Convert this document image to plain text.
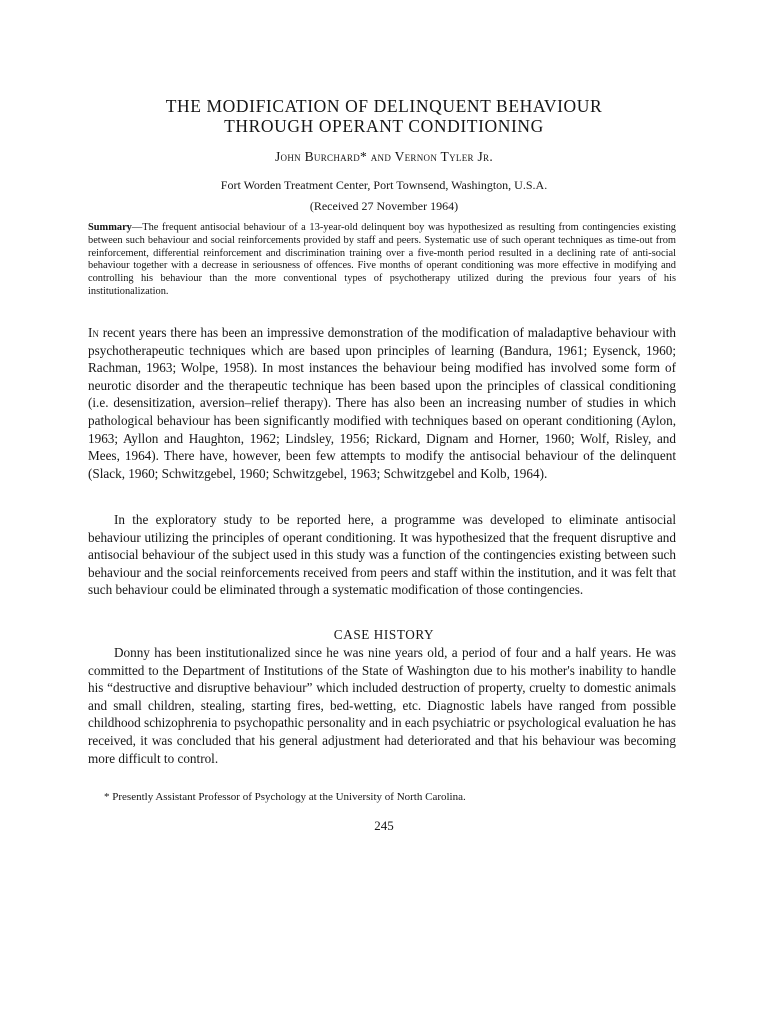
THE MODIFICATION OF DELINQUENT BEHAVIOUR
THROUGH OPERANT CONDITIONING
John Burchard* and Vernon Tyler Jr.
Fort Worden Treatment Center, Port Townsend, Washington, U.S.A.
(Received 27 November 1964)

Summary—The frequent antisocial behaviour of a 13-year-old delinquent boy was hypothesized as resulting from contingencies existing between such behaviour and social reinforcements provided by staff and peers. Systematic use of such operant techniques as time-out from reinforcement, differential reinforcement and discrimination training over a five-month period resulted in a declining rate of anti-social behaviour together with a decrease in seriousness of offences. Five months of operant conditioning was more effective in modifying and controlling his behaviour than the more conventional types of psychotherapy utilized during the previous four years of his institutionalization.

In recent years there has been an impressive demonstration of the modification of maladaptive behaviour with psychotherapeutic techniques which are based upon principles of learning (Bandura, 1961; Eysenck, 1960; Rachman, 1963; Wolpe, 1958). In most instances the behaviour being modified has involved some form of neurotic disorder and the therapeutic technique has been based upon the principles of classical conditioning (i.e. desensitization, aversion–relief therapy). There has also been an increasing number of studies in which pathological behaviour has been significantly modified with techniques based on operant conditioning (Aylon, 1963; Ayllon and Haughton, 1962; Lindsley, 1956; Rickard, Dignam and Horner, 1960; Wolf, Risley, and Mees, 1964). There have, however, been few attempts to modify the antisocial behaviour of the delinquent (Slack, 1960; Schwitzgebel, 1960; Schwitzgebel, 1963; Schwitzgebel and Kolb, 1964).

In the exploratory study to be reported here, a programme was developed to eliminate antisocial behaviour utilizing the principles of operant conditioning. It was hypothesized that the frequent disruptive and antisocial behaviour of the subject used in this study was a function of the contingencies existing between such behaviour and the social reinforcements received from peers and staff within the institution, and it was felt that such behaviour could be eliminated through a systematic modification of those contingencies.

CASE HISTORY

Donny has been institutionalized since he was nine years old, a period of four and a half years. He was committed to the Department of Institutions of the State of Washington due to his mother's inability to handle his “destructive and disruptive behaviour” which included destruction of property, cruelty to domestic animals and small children, stealing, starting fires, bed-wetting, etc. Diagnostic labels have ranged from possible childhood schizophrenia to psychopathic personality and in each psychiatric or psychological evaluation he has received, it was concluded that his general adjustment had deteriorated and that his behaviour was becoming more difficult to control.

* Presently Assistant Professor of Psychology at the University of North Carolina.

245
